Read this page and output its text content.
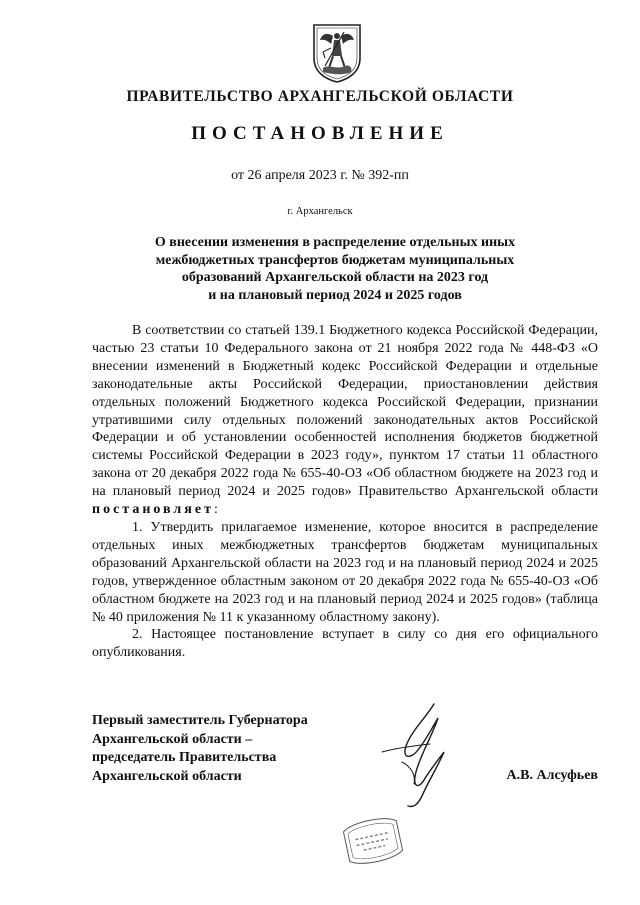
ПРАВИТЕЛЬСТВО АРХАНГЕЛЬСКОЙ ОБЛАСТИ
ПОСТАНОВЛЕНИЕ
от 26 апреля 2023 г. № 392-пп
г. Архангельск
О внесении изменения в распределение отдельных иных
межбюджетных трансфертов бюджетам муниципальных
образований Архангельской области на 2023 год
и на плановый период 2024 и 2025 годов

В соответствии со статьей 139.1 Бюджетного кодекса Российской Федерации, частью 23 статьи 10 Федерального закона от 21 ноября 2022 года № 448-ФЗ «О внесении изменений в Бюджетный кодекс Российской Федерации и отдельные законодательные акты Российской Федерации, приостановлении действия отдельных положений Бюджетного кодекса Российской Федерации, признании утратившими силу отдельных положений законодательных актов Российской Федерации и об установлении особенностей исполнения бюджетов бюджетной системы Российской Федерации в 2023 году», пунктом 17 статьи 11 областного закона от 20 декабря 2022 года № 655-40-ОЗ «Об областном бюджете на 2023 год и на плановый период 2024 и 2025 годов» Правительство Архангельской области постановляет:

1. Утвердить прилагаемое изменение, которое вносится в распределение отдельных иных межбюджетных трансфертов бюджетам муниципальных образований Архангельской области на 2023 год и на плановый период 2024 и 2025 годов, утвержденное областным законом от 20 декабря 2022 года № 655-40-ОЗ «Об областном бюджете на 2023 год и на плановый период 2024 и 2025 годов» (таблица № 40 приложения № 11 к указанному областному закону).

2. Настоящее постановление вступает в силу со дня его официального опубликования.

Первый заместитель Губернатора
Архангельской области –
председатель Правительства
Архангельской области	А.В. Алсуфьев
